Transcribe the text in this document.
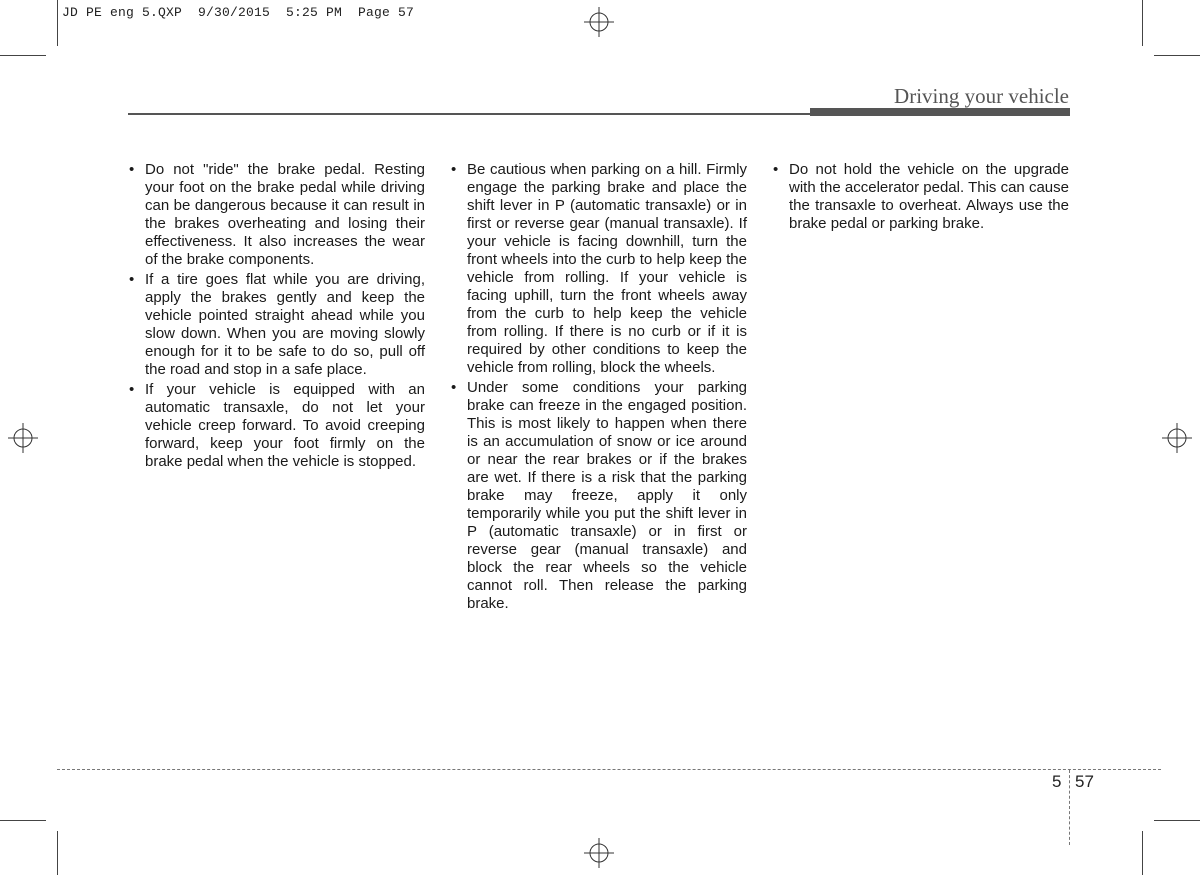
JD PE eng 5.QXP  9/30/2015  5:25 PM  Page 57
Driving your vehicle
• Do not "ride" the brake pedal. Resting your foot on the brake pedal while driving can be dangerous because it can result in the brakes overheating and losing their effectiveness. It also increases the wear of the brake components.
• If a tire goes flat while you are driving, apply the brakes gently and keep the vehicle pointed straight ahead while you slow down. When you are moving slowly enough for it to be safe to do so, pull off the road and stop in a safe place.
• If your vehicle is equipped with an automatic transaxle, do not let your vehicle creep forward. To avoid creeping forward, keep your foot firmly on the brake pedal when the vehicle is stopped.
• Be cautious when parking on a hill. Firmly engage the parking brake and place the shift lever in P (automatic transaxle) or in first or reverse gear (manual transaxle). If your vehicle is facing downhill, turn the front wheels into the curb to help keep the vehicle from rolling. If your vehicle is facing uphill, turn the front wheels away from the curb to help keep the vehicle from rolling. If there is no curb or if it is required by other conditions to keep the vehicle from rolling, block the wheels.
• Under some conditions your parking brake can freeze in the engaged position. This is most likely to happen when there is an accumulation of snow or ice around or near the rear brakes or if the brakes are wet. If there is a risk that the parking brake may freeze, apply it only temporarily while you put the shift lever in P (automatic transaxle) or in first or reverse gear (manual transaxle) and block the rear wheels so the vehicle cannot roll. Then release the parking brake.
• Do not hold the vehicle on the upgrade with the accelerator pedal. This can cause the transaxle to overheat. Always use the brake pedal or parking brake.
5 57
